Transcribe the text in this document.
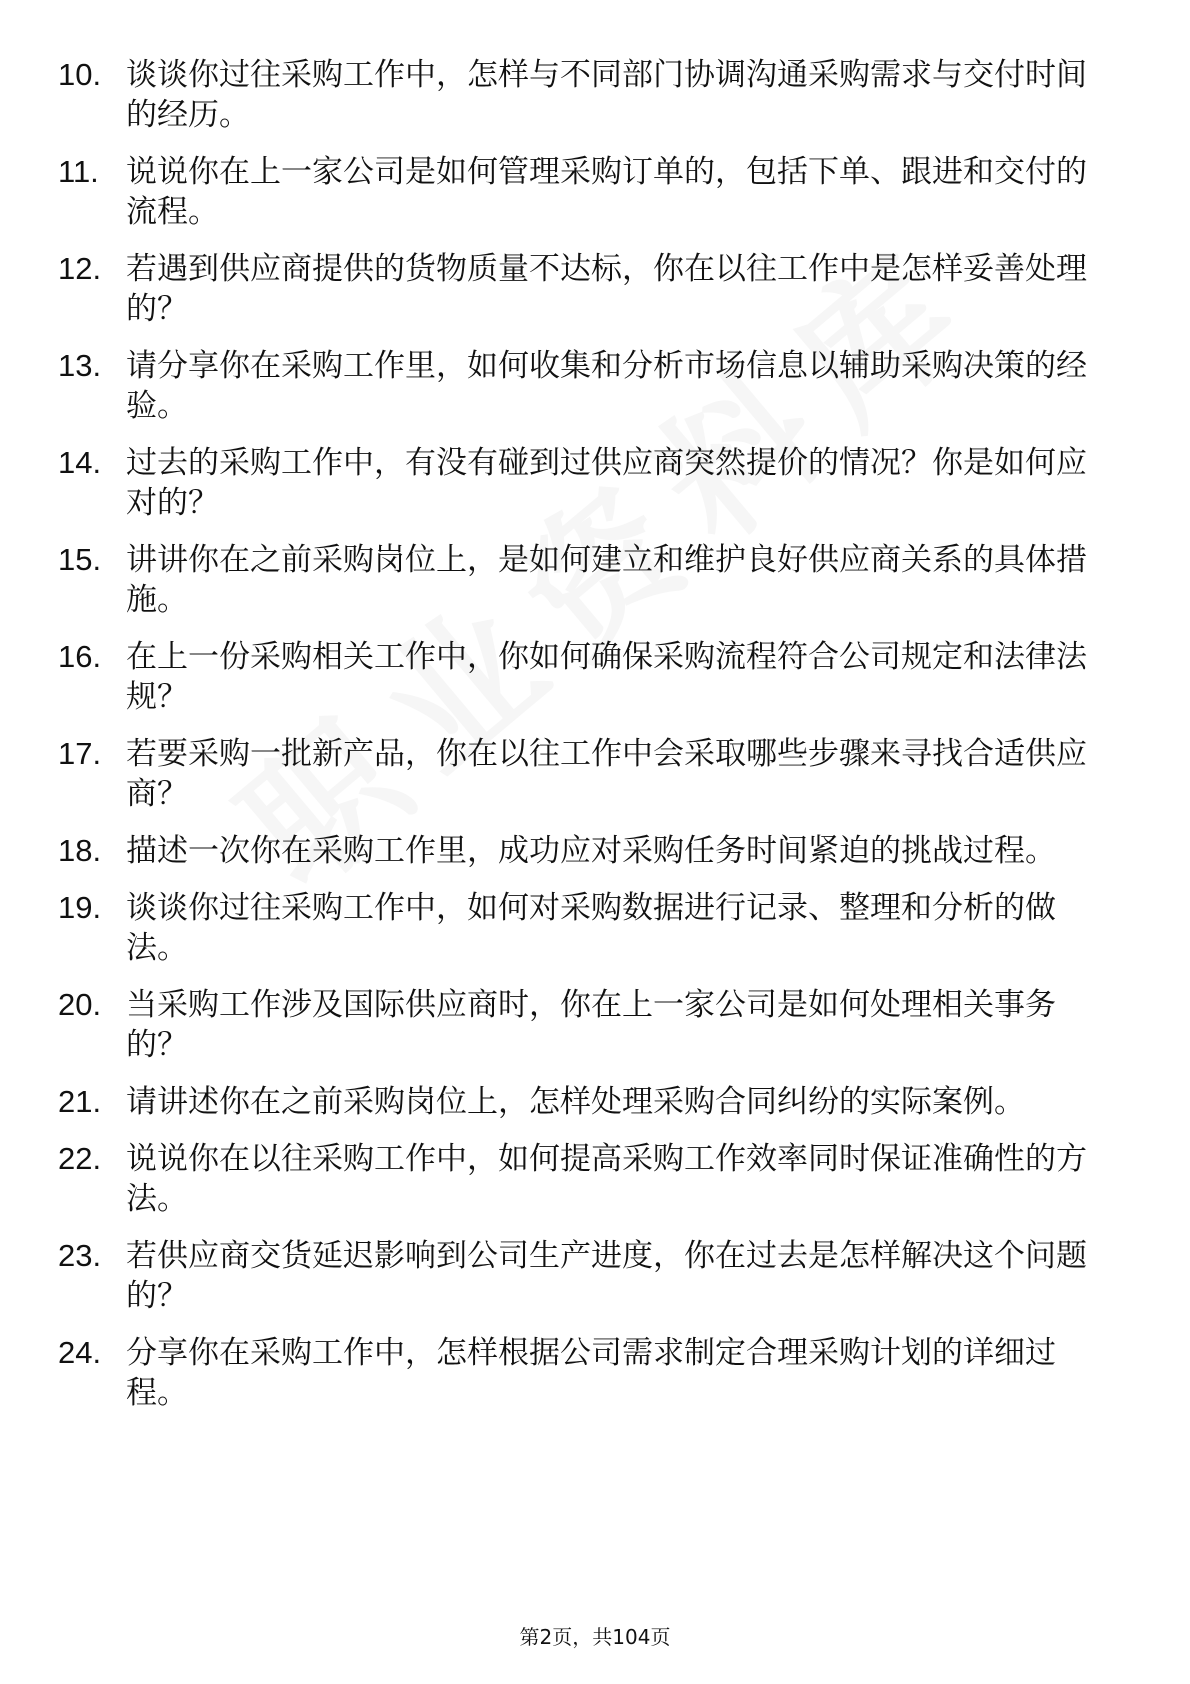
10. 谈谈你过往采购工作中，怎样与不同部门协调沟通采购需求与交付时间的经历。
11. 说说你在上一家公司是如何管理采购订单的，包括下单、跟进和交付的流程。
12. 若遇到供应商提供的货物质量不达标，你在以往工作中是怎样妥善处理的？
13. 请分享你在采购工作里，如何收集和分析市场信息以辅助采购决策的经验。
14. 过去的采购工作中，有没有碰到过供应商突然提价的情况？你是如何应对的？
15. 讲讲你在之前采购岗位上，是如何建立和维护良好供应商关系的具体措施。
16. 在上一份采购相关工作中，你如何确保采购流程符合公司规定和法律法规？
17. 若要采购一批新产品，你在以往工作中会采取哪些步骤来寻找合适供应商？
18. 描述一次你在采购工作里，成功应对采购任务时间紧迫的挑战过程。
19. 谈谈你过往采购工作中，如何对采购数据进行记录、整理和分析的做法。
20. 当采购工作涉及国际供应商时，你在上一家公司是如何处理相关事务的？
21. 请讲述你在之前采购岗位上，怎样处理采购合同纠纷的实际案例。
22. 说说你在以往采购工作中，如何提高采购工作效率同时保证准确性的方法。
23. 若供应商交货延迟影响到公司生产进度，你在过去是怎样解决这个问题的？
24. 分享你在采购工作中，怎样根据公司需求制定合理采购计划的详细过程。
第2页，共104页
